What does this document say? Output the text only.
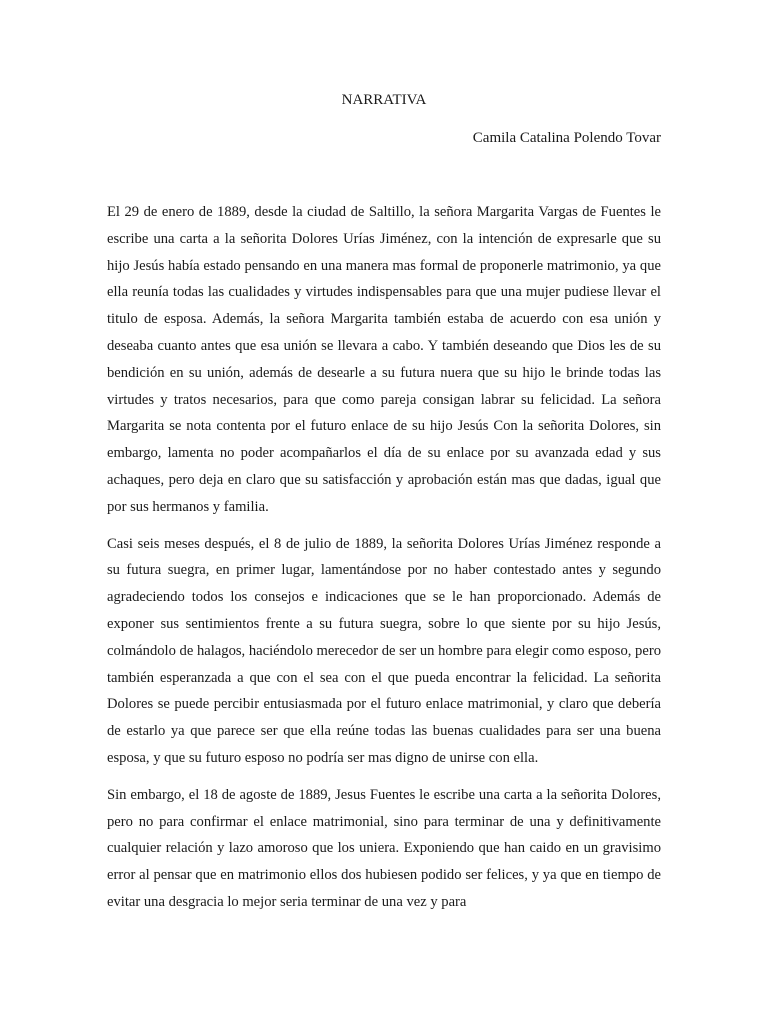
NARRATIVA

Camila Catalina Polendo Tovar

El 29 de enero de 1889, desde la ciudad de Saltillo, la señora Margarita Vargas de Fuentes le escribe una carta a la señorita Dolores Urías Jiménez, con la intención de expresarle que su hijo Jesús había estado pensando en una manera mas formal de proponerle matrimonio, ya que ella reunía todas las cualidades y virtudes indispensables para que una mujer pudiese llevar el titulo de esposa. Además, la señora Margarita también estaba de acuerdo con esa unión y deseaba cuanto antes que esa unión se llevara a cabo. Y también deseando que Dios les de su bendición en su unión, además de desearle a su futura nuera que su hijo le brinde todas las virtudes y tratos necesarios, para que como pareja consigan labrar su felicidad. La señora Margarita se nota contenta por el futuro enlace de su hijo Jesús Con la señorita Dolores, sin embargo, lamenta no poder acompañarlos el día de su enlace por su avanzada edad y sus achaques, pero deja en claro que su satisfacción y aprobación están mas que dadas, igual que por sus hermanos y familia.

Casi seis meses después, el 8 de julio de 1889, la señorita Dolores Urías Jiménez responde a su futura suegra, en primer lugar, lamentándose por no haber contestado antes y segundo agradeciendo todos los consejos e indicaciones que se le han proporcionado. Además de exponer sus sentimientos frente a su futura suegra, sobre lo que siente por su hijo Jesús, colmándolo de halagos, haciéndolo merecedor de ser un hombre para elegir como esposo, pero también esperanzada a que con el sea con el que pueda encontrar la felicidad. La señorita Dolores se puede percibir entusiasmada por el futuro enlace matrimonial, y claro que debería de estarlo ya que parece ser que ella reúne todas las buenas cualidades para ser una buena esposa, y que su futuro esposo no podría ser mas digno de unirse con ella.

Sin embargo, el 18 de agoste de 1889, Jesus Fuentes le escribe una carta a la señorita Dolores, pero no para confirmar el enlace matrimonial, sino para terminar de una y definitivamente cualquier relación y lazo amoroso que los uniera. Exponiendo que han caido en un gravisimo error al pensar que en matrimonio ellos dos hubiesen podido ser felices, y ya que en tiempo de evitar una desgracia lo mejor seria terminar de una vez y para
